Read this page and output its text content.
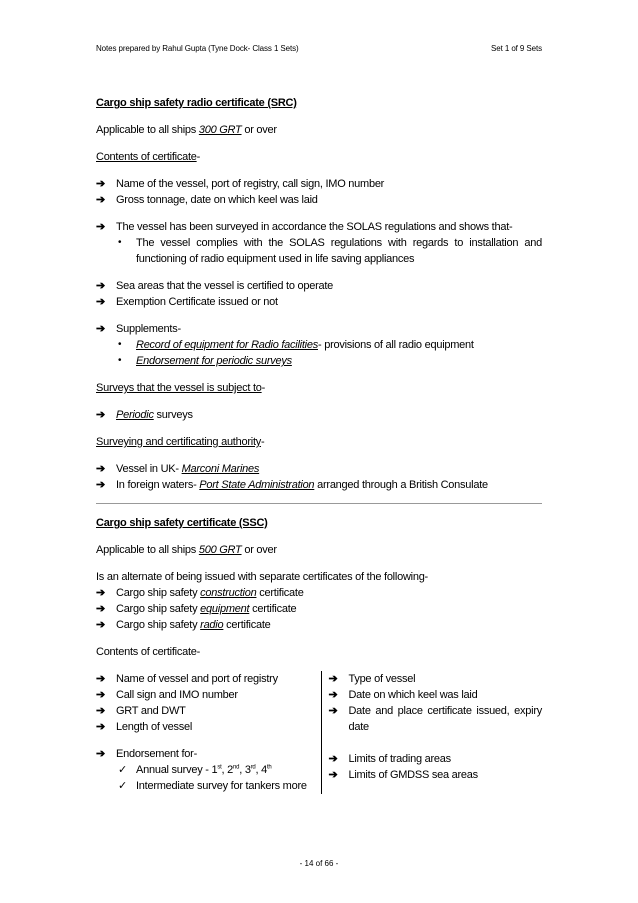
Notes prepared by Rahul Gupta (Tyne Dock- Class 1 Sets)	Set 1 of 9 Sets

Cargo ship safety radio certificate (SRC)

Applicable to all ships 300 GRT or over

Contents of certificate-

➔ Name of the vessel, port of registry, call sign, IMO number
➔ Gross tonnage, date on which keel was laid
➔ The vessel has been surveyed in accordance the SOLAS regulations and shows that-
• The vessel complies with the SOLAS regulations with regards to installation and functioning of radio equipment used in life saving appliances
➔ Sea areas that the vessel is certified to operate
➔ Exemption Certificate issued or not
➔ Supplements-
• Record of equipment for Radio facilities- provisions of all radio equipment
• Endorsement for periodic surveys

Surveys that the vessel is subject to-

➔ Periodic surveys

Surveying and certificating authority-

➔ Vessel in UK- Marconi Marines
➔ In foreign waters- Port State Administration arranged through a British Consulate

Cargo ship safety certificate (SSC)

Applicable to all ships 500 GRT or over

Is an alternate of being issued with separate certificates of the following-

➔ Cargo ship safety construction certificate
➔ Cargo ship safety equipment certificate
➔ Cargo ship safety radio certificate

Contents of certificate-

➔ Name of vessel and port of registry
➔ Call sign and IMO number
➔ GRT and DWT
➔ Length of vessel
➔ Endorsement for-
✓ Annual survey - 1st, 2nd, 3rd, 4th
✓ Intermediate survey for tankers more
➔ Type of vessel
➔ Date on which keel was laid
➔ Date and place certificate issued, expiry date
➔ Limits of trading areas
➔ Limits of GMDSS sea areas
- 14 of 66 -
